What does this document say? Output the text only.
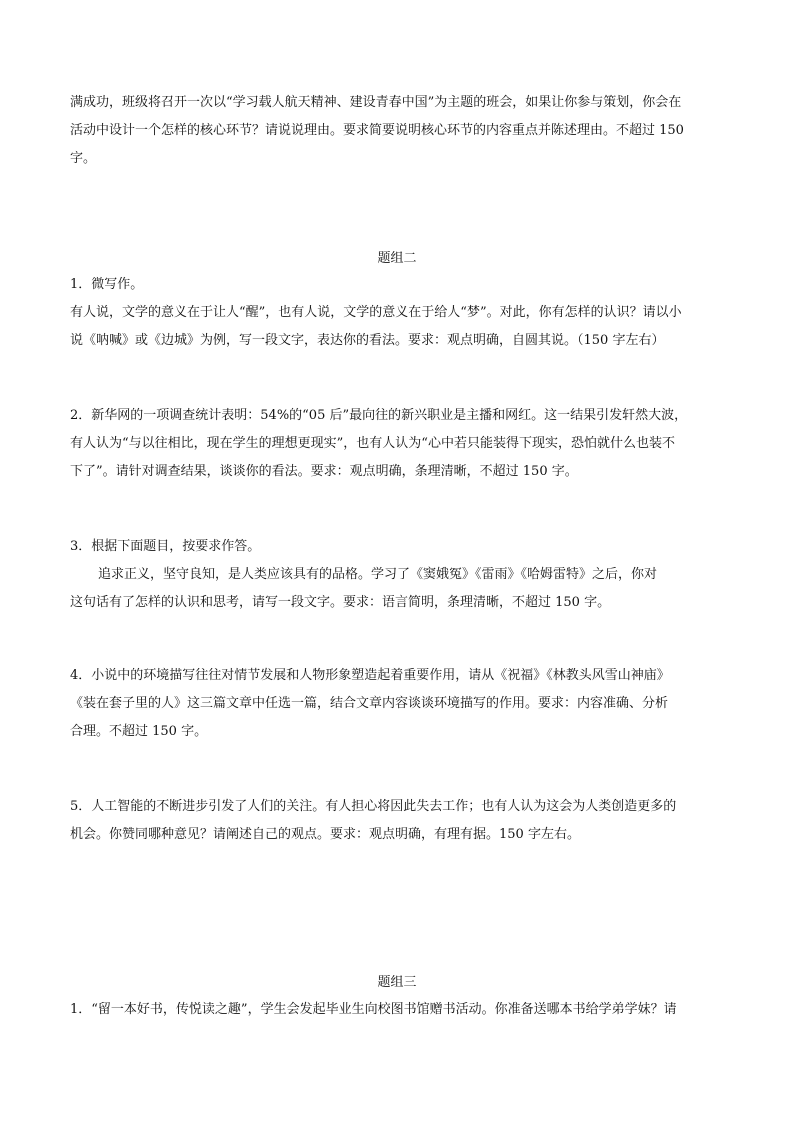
满成功，班级将召开一次以“学习载人航天精神、建设青春中国”为主题的班会，如果让你参与策划，你会在
活动中设计一个怎样的核心环节？请说说理由。要求简要说明核心环节的内容重点并陈述理由。不超过 150
字。
题组二
1．微写作。
有人说，文学的意义在于让人“醒”，也有人说，文学的意义在于给人“梦”。对此，你有怎样的认识？请以小
说《呐喊》或《边城》为例，写一段文字，表达你的看法。要求：观点明确，自圆其说。（150 字左右）
2．新华网的一项调查统计表明：54%的“05 后”最向往的新兴职业是主播和网红。这一结果引发轩然大波，
有人认为“与以往相比，现在学生的理想更现实”，也有人认为“心中若只能装得下现实，恐怕就什么也装不
下了”。请针对调查结果，谈谈你的看法。要求：观点明确，条理清晰，不超过 150 字。
3．根据下面题目，按要求作答。
追求正义，坚守良知，是人类应该具有的品格。学习了《窦娥冤》《雷雨》《哈姆雷特》之后，你对
这句话有了怎样的认识和思考，请写一段文字。要求：语言简明，条理清晰，不超过 150 字。
4．小说中的环境描写往往对情节发展和人物形象塑造起着重要作用，请从《祝福》《林教头风雪山神庙》
《装在套子里的人》这三篇文章中任选一篇，结合文章内容谈谈环境描写的作用。要求：内容准确、分析
合理。不超过 150 字。
5．人工智能的不断进步引发了人们的关注。有人担心将因此失去工作；也有人认为这会为人类创造更多的
机会。你赞同哪种意见？请阐述自己的观点。要求：观点明确，有理有据。150 字左右。
题组三
1．“留一本好书，传悦读之趣”，学生会发起毕业生向校图书馆赠书活动。你准备送哪本书给学弟学妹？请
